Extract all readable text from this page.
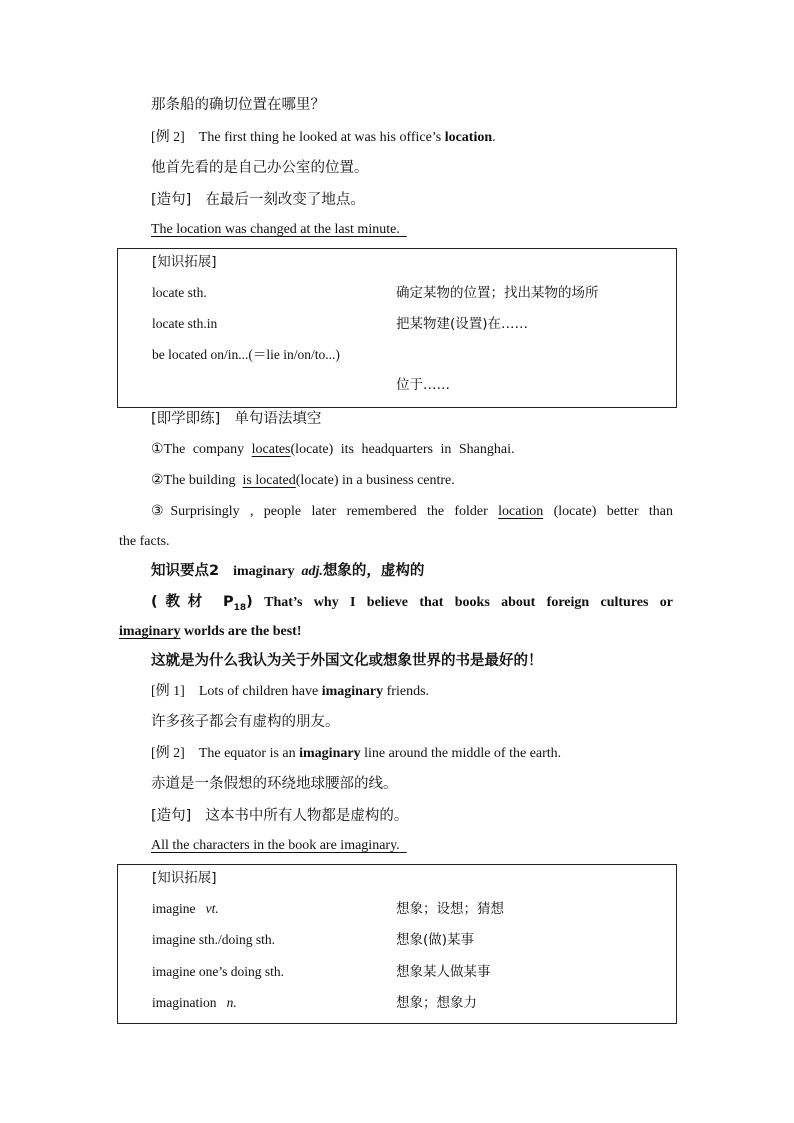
那条船的确切位置在哪里？
[例 2] The first thing he looked at was his office’s location.
他首先看的是自己办公室的位置。
[造句] 在最后一刻改变了地点。
The location was changed at the last minute.
[知识拓展]
locate sth.	确定某物的位置；找出某物的场所
locate sth.in	把某物建(设置)在……
be located on/in...(＝lie in/on/to...)
位于……
[即学即练] 单句语法填空
①The company locates(locate) its headquarters in Shanghai.
②The building is located(locate) in a business centre.
③Surprisingly , people later remembered the folder location (locate) better than
the facts.
知识要点2 imaginary adj.想象的，虚构的
(教材 $P_{18}$) That’s why I believe that books about foreign cultures or
imaginary worlds are the best!
这就是为什么我认为关于外国文化或想象世界的书是最好的！
[例 1] Lots of children have imaginary friends.
许多孩子都会有虚构的朋友。
[例 2] The equator is an imaginary line around the middle of the earth.
赤道是一条假想的环绕地球腰部的线。
[造句] 这本书中所有人物都是虚构的。
All the characters in the book are imaginary.
[知识拓展]
imagine vt.	想象；设想；猜想
imagine sth./doing sth.	想象(做)某事
imagine one’s doing sth.	想象某人做某事
imagination n.	想象；想象力
